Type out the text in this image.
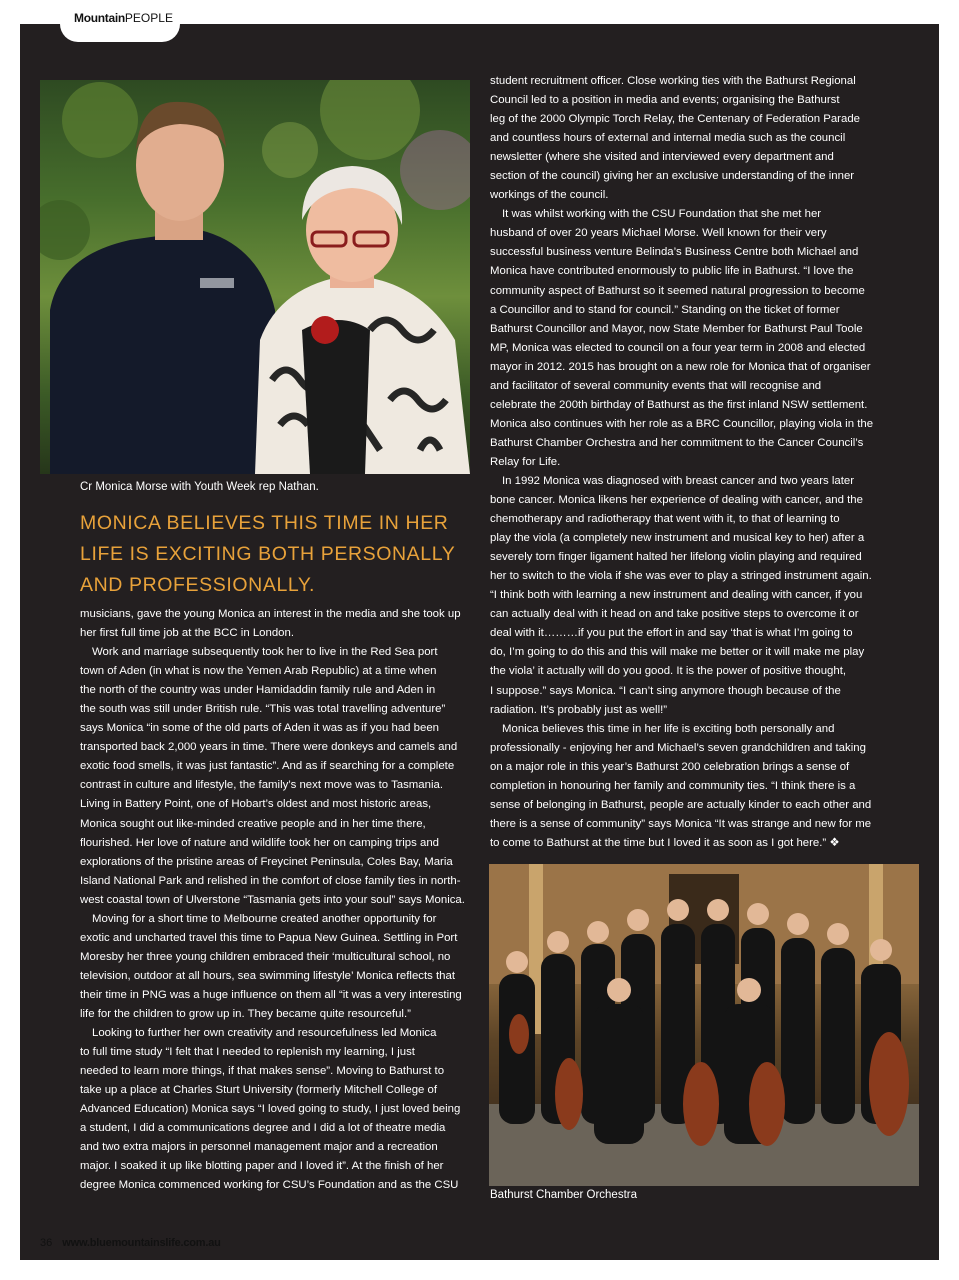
MountainPEOPLE
Cr Monica Morse with Youth Week rep Nathan.
MONICA BELIEVES THIS TIME IN HER
LIFE IS EXCITING BOTH PERSONALLY
AND PROFESSIONALLY.

musicians, gave the young Monica an interest in the media and she took up

her first full time job at the BCC in London.

Work and marriage subsequently took her to live in the Red Sea port

town of Aden (in what is now the Yemen Arab Republic) at a time when

the north of the country was under Hamidaddin family rule and Aden in

the south was still under British rule. “This was total travelling adventure”

says Monica “in some of the old parts of Aden it was as if you had been

transported back 2,000 years in time. There were donkeys and camels and

exotic food smells, it was just fantastic”. And as if searching for a complete

contrast in culture and lifestyle, the family’s next move was to Tasmania.

Living in Battery Point, one of Hobart’s oldest and most historic areas,

Monica sought out like-minded creative people and in her time there,

flourished. Her love of nature and wildlife took her on camping trips and

explorations of the pristine areas of Freycinet Peninsula, Coles Bay, Maria

Island National Park and relished in the comfort of close family ties in north-

west coastal town of Ulverstone “Tasmania gets into your soul” says Monica.

Moving for a short time to Melbourne created another opportunity for

exotic and uncharted travel this time to Papua New Guinea. Settling in Port

Moresby her three young children embraced their ‘multicultural school, no

television, outdoor at all hours, sea swimming lifestyle’ Monica reflects that

their time in PNG was a huge influence on them all “it was a very interesting

life for the children to grow up in. They became quite resourceful.”

Looking to further her own creativity and resourcefulness led Monica

to full time study “I felt that I needed to replenish my learning, I just

needed to learn more things, if that makes sense”. Moving to Bathurst to

take up a place at Charles Sturt University (formerly Mitchell College of

Advanced Education) Monica says “I loved going to study, I just loved being

a student, I did a communications degree and I did a lot of theatre media

and two extra majors in personnel management major and a recreation

major. I soaked it up like blotting paper and I loved it”. At the finish of her

degree Monica commenced working for CSU’s Foundation and as the CSU

student recruitment officer. Close working ties with the Bathurst Regional

Council led to a position in media and events; organising the Bathurst

leg of the 2000 Olympic Torch Relay, the Centenary of Federation Parade

and countless hours of external and internal media such as the council

newsletter (where she visited and interviewed every department and

section of the council) giving her an exclusive understanding of the inner

workings of the council.

It was whilst working with the CSU Foundation that she met her

husband of over 20 years Michael Morse. Well known for their very

successful business venture Belinda’s Business Centre both Michael and

Monica have contributed enormously to public life in Bathurst. “I love the

community aspect of Bathurst so it seemed natural progression to become

a Councillor and to stand for council.” Standing on the ticket of former

Bathurst Councillor and Mayor, now State Member for Bathurst Paul Toole

MP, Monica was elected to council on a four year term in 2008 and elected

mayor in 2012. 2015 has brought on a new role for Monica that of organiser

and facilitator of several community events that will recognise and

celebrate the 200th birthday of Bathurst as the first inland NSW settlement.

Monica also continues with her role as a BRC Councillor, playing viola in the

Bathurst Chamber Orchestra and her commitment to the Cancer Council’s

Relay for Life.

In 1992 Monica was diagnosed with breast cancer and two years later

bone cancer. Monica likens her experience of dealing with cancer, and the

chemotherapy and radiotherapy that went with it, to that of learning to

play the viola (a completely new instrument and musical key to her) after a

severely torn finger ligament halted her lifelong violin playing and required

her to switch to the viola if she was ever to play a stringed instrument again.

“I think both with learning a new instrument and dealing with cancer, if you

can actually deal with it head on and take positive steps to overcome it or

deal with it………if you put the effort in and say ‘that is what I’m going to

do, I’m going to do this and this will make me better or it will make me play

the viola’ it actually will do you good. It is the power of positive thought,

I suppose.” says Monica. “I can’t sing anymore though because of the

radiation. It’s probably just as well!”

Monica believes this time in her life is exciting both personally and

professionally - enjoying her and Michael’s seven grandchildren and taking

on a major role in this year’s Bathurst 200 celebration brings a sense of

completion in honouring her family and community ties. “I think there is a

sense of belonging in Bathurst, people are actually kinder to each other and

there is a sense of community” says Monica “It was strange and new for me

to come to Bathurst at the time but I loved it as soon as I got here.” ❖

Bathurst Chamber Orchestra
36 www.bluemountainslife.com.au
